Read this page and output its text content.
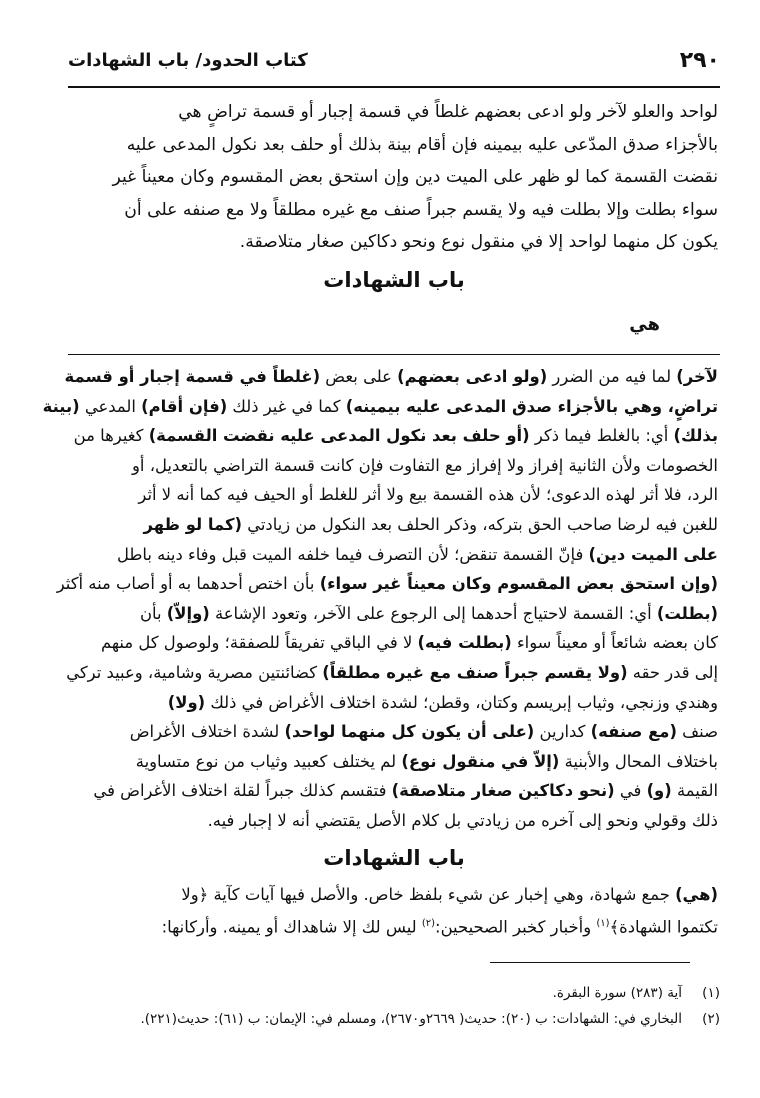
٢٩٠
كتاب الحدود/ باب الشهادات
لواحد والعلو لآخر ولو ادعى بعضهم غلطاً في قسمة إجبار أو قسمة تراضٍ هي
بالأجزاء صدق المدّعى عليه بيمينه فإن أقام بينة بذلك أو حلف بعد نكول المدعى عليه
نقضت القسمة كما لو ظهر على الميت دين وإن استحق بعض المقسوم وكان معيناً غير
سواء بطلت وإلا بطلت فيه ولا يقسم جبراً صنف مع غيره مطلقاً ولا مع صنفه على أن
يكون كل منهما لواحد إلا في منقول نوع ونحو دكاكين صغار متلاصقة.
باب الشهادات
هي
لآخر) لما فيه من الضرر (ولو ادعى بعضهم) على بعض (غلطاً في قسمة إجبار أو قسمة
تراضٍ، وهي بالأجزاء صدق المدعى عليه بيمينه) كما في غير ذلك (فإن أقام) المدعي (بينة
بذلك) أي: بالغلط فيما ذكر (أو حلف بعد نكول المدعى عليه نقضت القسمة) كغيرها من
الخصومات ولأن الثانية إفراز ولا إفراز مع التفاوت فإن كانت قسمة التراضي بالتعديل، أو
الرد، فلا أثر لهذه الدعوى؛ لأن هذه القسمة بيع ولا أثر للغلط أو الحيف فيه كما أنه لا أثر
للغبن فيه لرضا صاحب الحق بتركه، وذكر الحلف بعد النكول من زيادتي (كما لو ظهر
على الميت دين) فإنّ القسمة تنقض؛ لأن التصرف فيما خلفه الميت قبل وفاء دينه باطل
(وإن استحق بعض المقسوم وكان معيناً غير سواء) بأن اختص أحدهما به أو أصاب منه أكثر
(بطلت) أي: القسمة لاحتياج أحدهما إلى الرجوع على الآخر، وتعود الإشاعة (وإلاّ) بأن
كان بعضه شائعاً أو معيناً سواء (بطلت فيه) لا في الباقي تفريقاً للصفقة؛ ولوصول كل منهم
إلى قدر حقه (ولا يقسم جبراً صنف مع غيره مطلقاً) كضائنتين مصرية وشامية، وعبيد تركي
وهندي وزنجي، وثياب إبريسم وكتان، وقطن؛ لشدة اختلاف الأغراض في ذلك (ولا)
صنف (مع صنفه) كدارين (على أن يكون كل منهما لواحد) لشدة اختلاف الأغراض
باختلاف المحال والأبنية (إلاّ في منقول نوع) لم يختلف كعبيد وثياب من نوع متساوية
القيمة (و) في (نحو دكاكين صغار متلاصقة) فتقسم كذلك جبراً لقلة اختلاف الأغراض في
ذلك وقولي ونحو إلى آخره من زيادتي بل كلام الأصل يقتضي أنه لا إجبار فيه.
باب الشهادات
(هي) جمع شهادة، وهي إخبار عن شيء بلفظ خاص. والأصل فيها آيات كآية ﴿ولا
تكتموا الشهادة﴾$^{(١)}$ وأخبار كخبر الصحيحين:$^{(٢)}$ ليس لك إلا شاهداك أو يمينه. وأركانها:
(١)
آية (٢٨٣) سورة البقرة.
(٢)
البخاري في: الشهادات: ب (٢٠): حديث( ٢٦٦٩و٢٦٧٠)، ومسلم في: الإيمان: ب (٦١): حديث(٢٢١).
